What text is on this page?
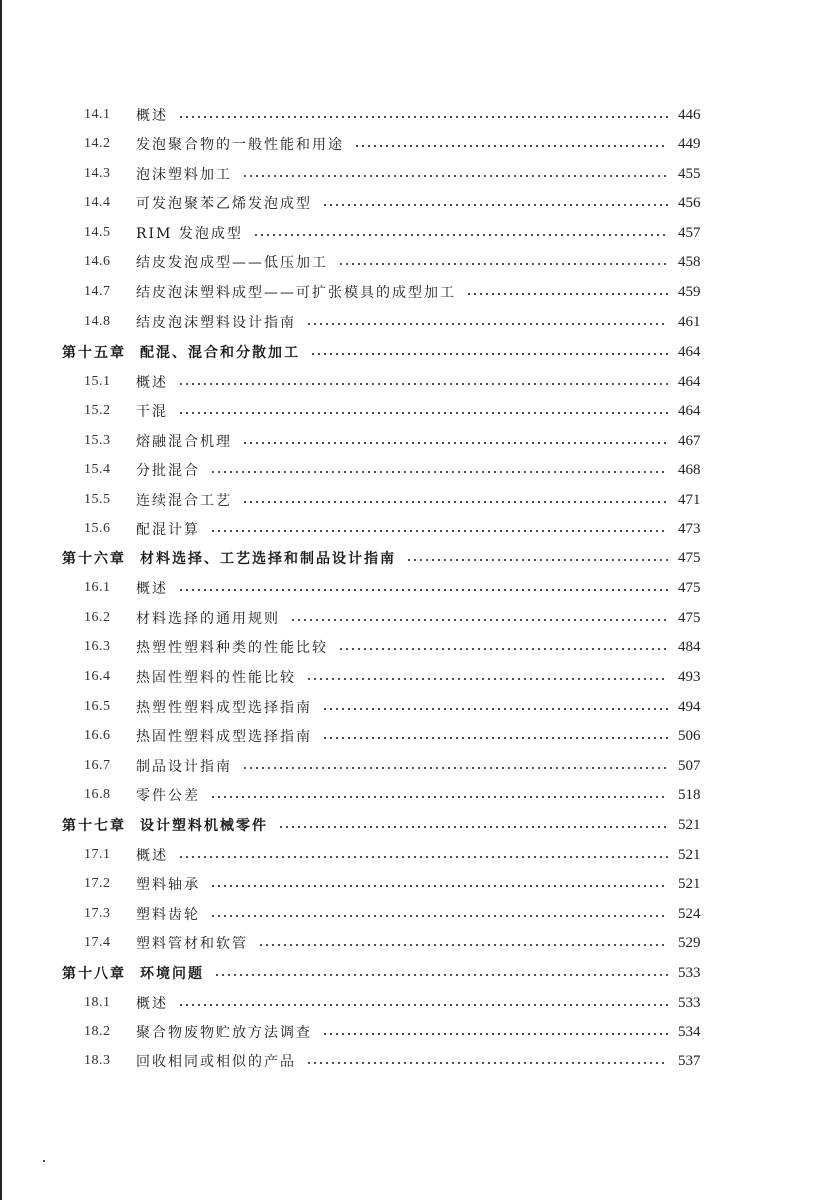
14.1	概述	446
14.2	发泡聚合物的一般性能和用途	449
14.3	泡沫塑料加工	455
14.4	可发泡聚苯乙烯发泡成型	456
14.5	RIM 发泡成型	457
14.6	结皮发泡成型——低压加工	458
14.7	结皮泡沫塑料成型——可扩张模具的成型加工	459
14.8	结皮泡沫塑料设计指南	461
第十五章 配混、混合和分散加工	464
15.1	概述	464
15.2	干混	464
15.3	熔融混合机理	467
15.4	分批混合	468
15.5	连续混合工艺	471
15.6	配混计算	473
第十六章 材料选择、工艺选择和制品设计指南	475
16.1	概述	475
16.2	材料选择的通用规则	475
16.3	热塑性塑料种类的性能比较	484
16.4	热固性塑料的性能比较	493
16.5	热塑性塑料成型选择指南	494
16.6	热固性塑料成型选择指南	506
16.7	制品设计指南	507
16.8	零件公差	518
第十七章 设计塑料机械零件	521
17.1	概述	521
17.2	塑料轴承	521
17.3	塑料齿轮	524
17.4	塑料管材和软管	529
第十八章 环境问题	533
18.1	概述	533
18.2	聚合物废物贮放方法调查	534
18.3	回收相同或相似的产品	537
